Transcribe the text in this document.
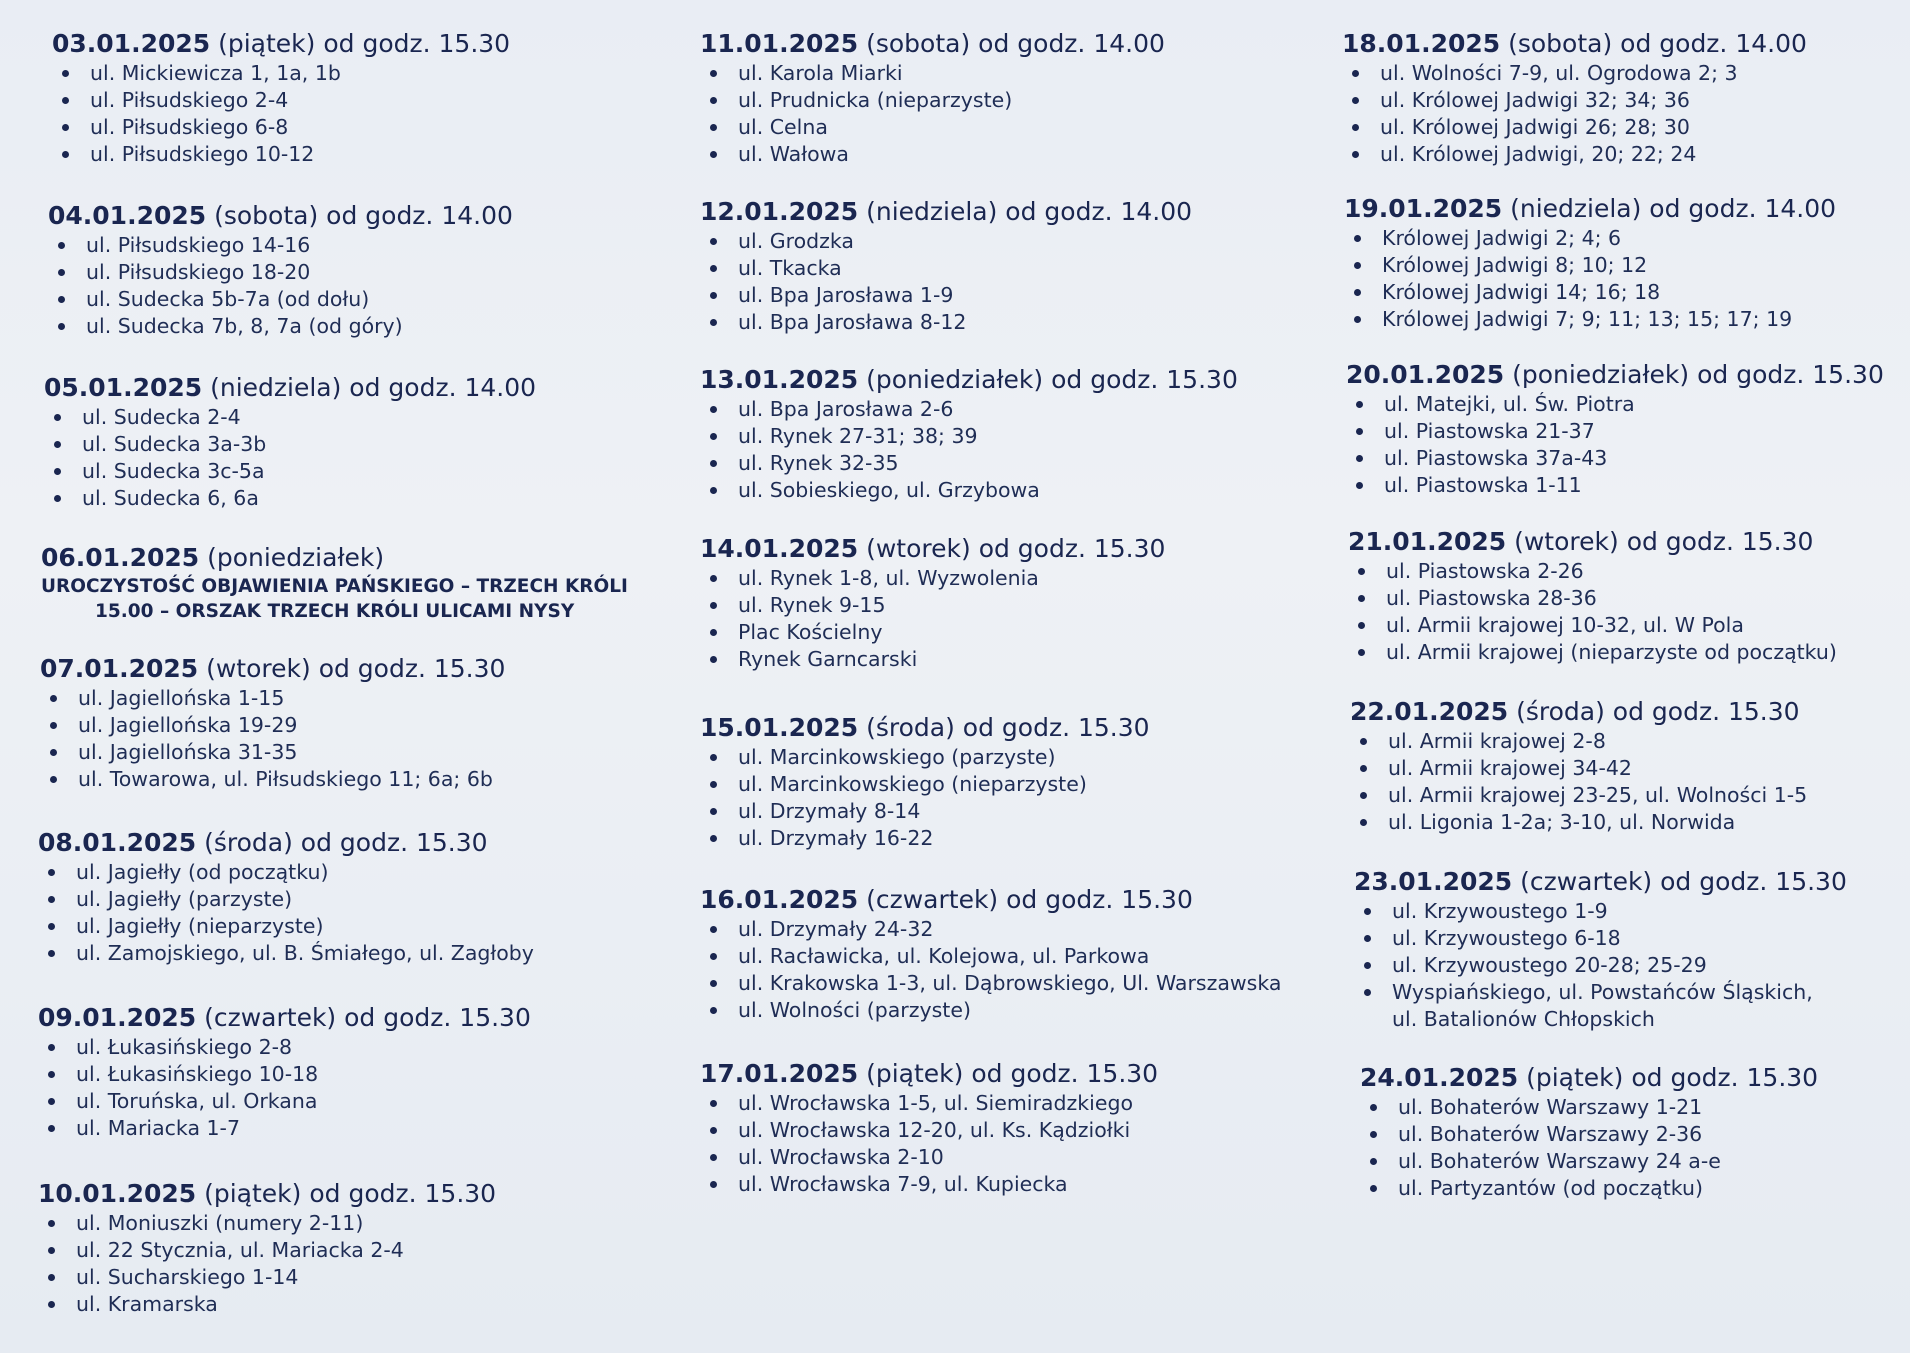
03.01.2025 (piątek) od godz. 15.30
ul. Mickiewicza 1, 1a, 1b
ul. Piłsudskiego 2-4
ul. Piłsudskiego 6-8
ul. Piłsudskiego 10-12
04.01.2025 (sobota) od godz. 14.00
ul. Piłsudskiego 14-16
ul. Piłsudskiego 18-20
ul. Sudecka 5b-7a (od dołu)
ul. Sudecka 7b, 8, 7a (od góry)
05.01.2025 (niedziela) od godz. 14.00
ul. Sudecka 2-4
ul. Sudecka 3a-3b
ul. Sudecka 3c-5a
ul. Sudecka 6, 6a
06.01.2025 (poniedziałek)
UROCZYSTOŚĆ OBJAWIENIA PAŃSKIEGO – TRZECH KRÓLI
15.00 – ORSZAK TRZECH KRÓLI ULICAMI NYSY
07.01.2025 (wtorek) od godz. 15.30
ul. Jagiellońska 1-15
ul. Jagiellońska 19-29
ul. Jagiellońska 31-35
ul. Towarowa, ul. Piłsudskiego 11; 6a; 6b
08.01.2025 (środa) od godz. 15.30
ul. Jagiełły (od początku)
ul. Jagiełły (parzyste)
ul. Jagiełły (nieparzyste)
ul. Zamojskiego, ul. B. Śmiałego, ul. Zagłoby
09.01.2025 (czwartek) od godz. 15.30
ul. Łukasińskiego 2-8
ul. Łukasińskiego 10-18
ul. Toruńska, ul. Orkana
ul. Mariacka 1-7
10.01.2025 (piątek) od godz. 15.30
ul. Moniuszki (numery 2-11)
ul. 22 Stycznia, ul. Mariacka 2-4
ul. Sucharskiego 1-14
ul. Kramarska
11.01.2025 (sobota) od godz. 14.00
ul. Karola Miarki
ul. Prudnicka (nieparzyste)
ul. Celna
ul. Wałowa
12.01.2025 (niedziela) od godz. 14.00
ul. Grodzka
ul. Tkacka
ul. Bpa Jarosława 1-9
ul. Bpa Jarosława 8-12
13.01.2025 (poniedziałek) od godz. 15.30
ul. Bpa Jarosława 2-6
ul. Rynek 27-31; 38; 39
ul. Rynek 32-35
ul. Sobieskiego, ul. Grzybowa
14.01.2025 (wtorek) od godz. 15.30
ul. Rynek 1-8, ul. Wyzwolenia
ul. Rynek 9-15
Plac Kościelny
Rynek Garncarski
15.01.2025 (środa) od godz. 15.30
ul. Marcinkowskiego (parzyste)
ul. Marcinkowskiego (nieparzyste)
ul. Drzymały 8-14
ul. Drzymały 16-22
16.01.2025 (czwartek) od godz. 15.30
ul. Drzymały 24-32
ul. Racławicka, ul. Kolejowa, ul. Parkowa
ul. Krakowska 1-3, ul. Dąbrowskiego, Ul. Warszawska
ul. Wolności (parzyste)
17.01.2025 (piątek) od godz. 15.30
ul. Wrocławska 1-5, ul. Siemiradzkiego
ul. Wrocławska 12-20, ul. Ks. Kądziołki
ul. Wrocławska 2-10
ul. Wrocławska 7-9, ul. Kupiecka
18.01.2025 (sobota) od godz. 14.00
ul. Wolności 7-9, ul. Ogrodowa 2; 3
ul. Królowej Jadwigi 32; 34; 36
ul. Królowej Jadwigi 26; 28; 30
ul. Królowej Jadwigi, 20; 22; 24
19.01.2025 (niedziela) od godz. 14.00
Królowej Jadwigi 2; 4; 6
Królowej Jadwigi 8; 10; 12
Królowej Jadwigi 14; 16; 18
Królowej Jadwigi 7; 9; 11; 13; 15; 17; 19
20.01.2025 (poniedziałek) od godz. 15.30
ul. Matejki, ul. Św. Piotra
ul. Piastowska 21-37
ul. Piastowska 37a-43
ul. Piastowska 1-11
21.01.2025 (wtorek) od godz. 15.30
ul. Piastowska 2-26
ul. Piastowska 28-36
ul. Armii krajowej 10-32, ul. W Pola
ul. Armii krajowej (nieparzyste od początku)
22.01.2025 (środa) od godz. 15.30
ul. Armii krajowej 2-8
ul. Armii krajowej 34-42
ul. Armii krajowej 23-25, ul. Wolności 1-5
ul. Ligonia 1-2a; 3-10, ul. Norwida
23.01.2025 (czwartek) od godz. 15.30
ul. Krzywoustego 1-9
ul. Krzywoustego 6-18
ul. Krzywoustego 20-28; 25-29
Wyspiańskiego, ul. Powstańców Śląskich, ul. Batalionów Chłopskich
24.01.2025 (piątek) od godz. 15.30
ul. Bohaterów Warszawy 1-21
ul. Bohaterów Warszawy 2-36
ul. Bohaterów Warszawy 24 a-e
ul. Partyzantów (od początku)
